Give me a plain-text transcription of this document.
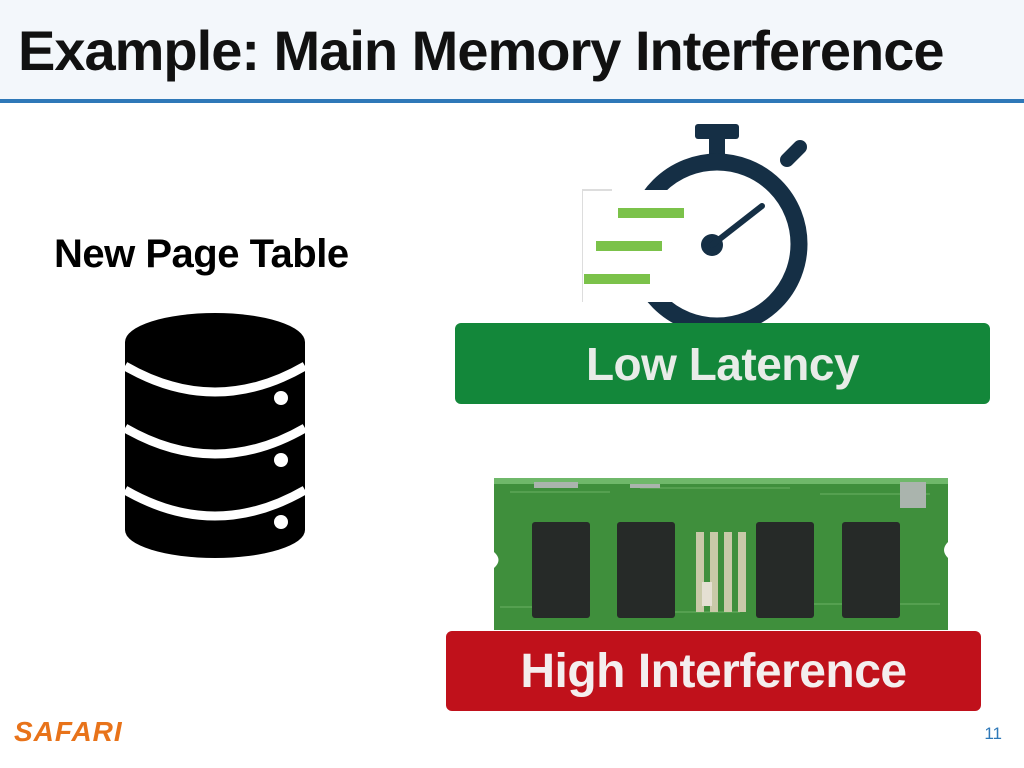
Example: Main Memory Interference
New Page Table
Low Latency
High Interference
SAFARI	11
